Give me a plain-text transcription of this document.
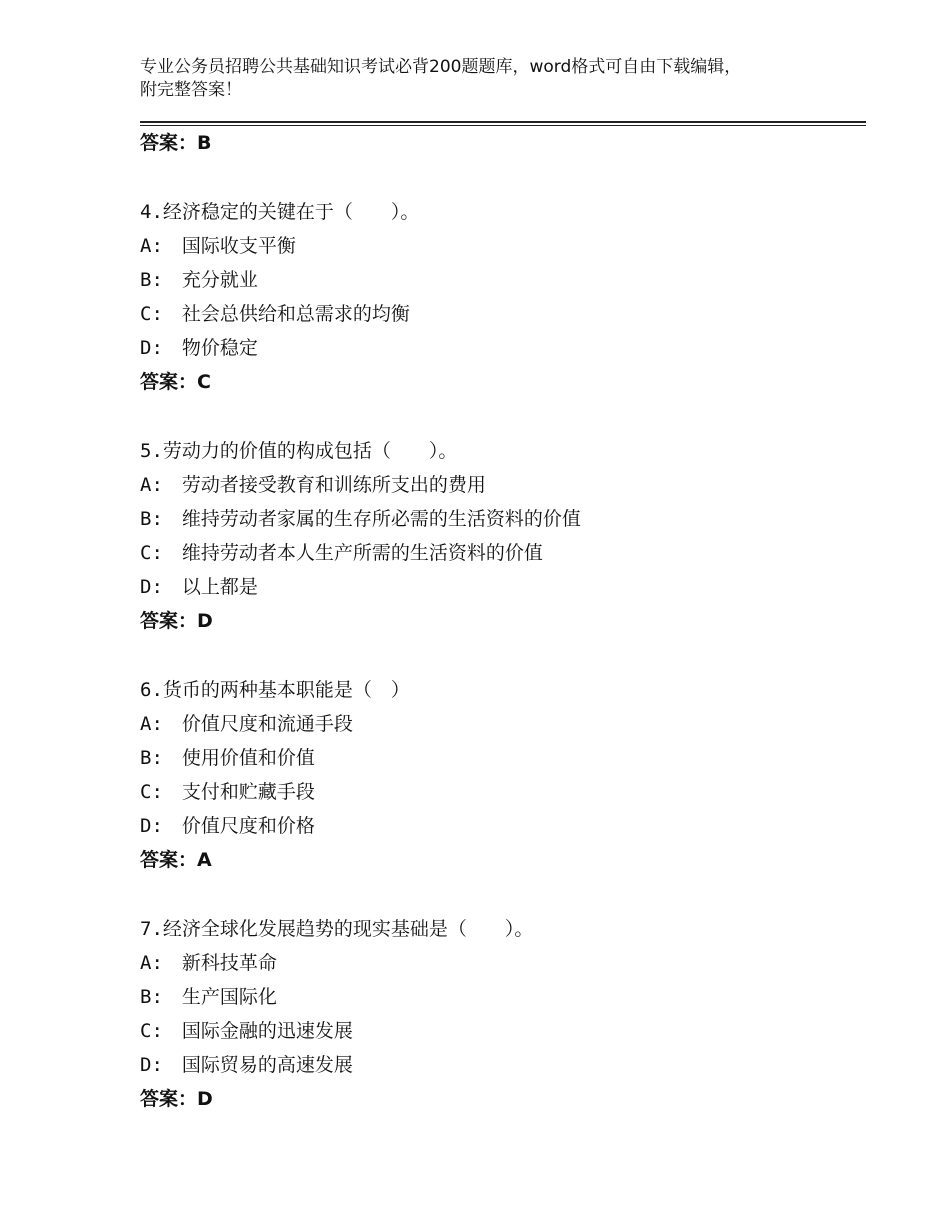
专业公务员招聘公共基础知识考试必背200题题库，word格式可自由下载编辑，
附完整答案！
答案：B
4.经济稳定的关键在于（　　）。
A:　国际收支平衡
B:　充分就业
C:　社会总供给和总需求的均衡
D:　物价稳定
答案：C
5.劳动力的价值的构成包括（　　）。
A:　劳动者接受教育和训练所支出的费用
B:　维持劳动者家属的生存所必需的生活资料的价值
C:　维持劳动者本人生产所需的生活资料的价值
D:　以上都是
答案：D
6.货币的两种基本职能是（　）
A:　价值尺度和流通手段
B:　使用价值和价值
C:　支付和贮藏手段
D:　价值尺度和价格
答案：A
7.经济全球化发展趋势的现实基础是（　　）。
A:　新科技革命
B:　生产国际化
C:　国际金融的迅速发展
D:　国际贸易的高速发展
答案：D
